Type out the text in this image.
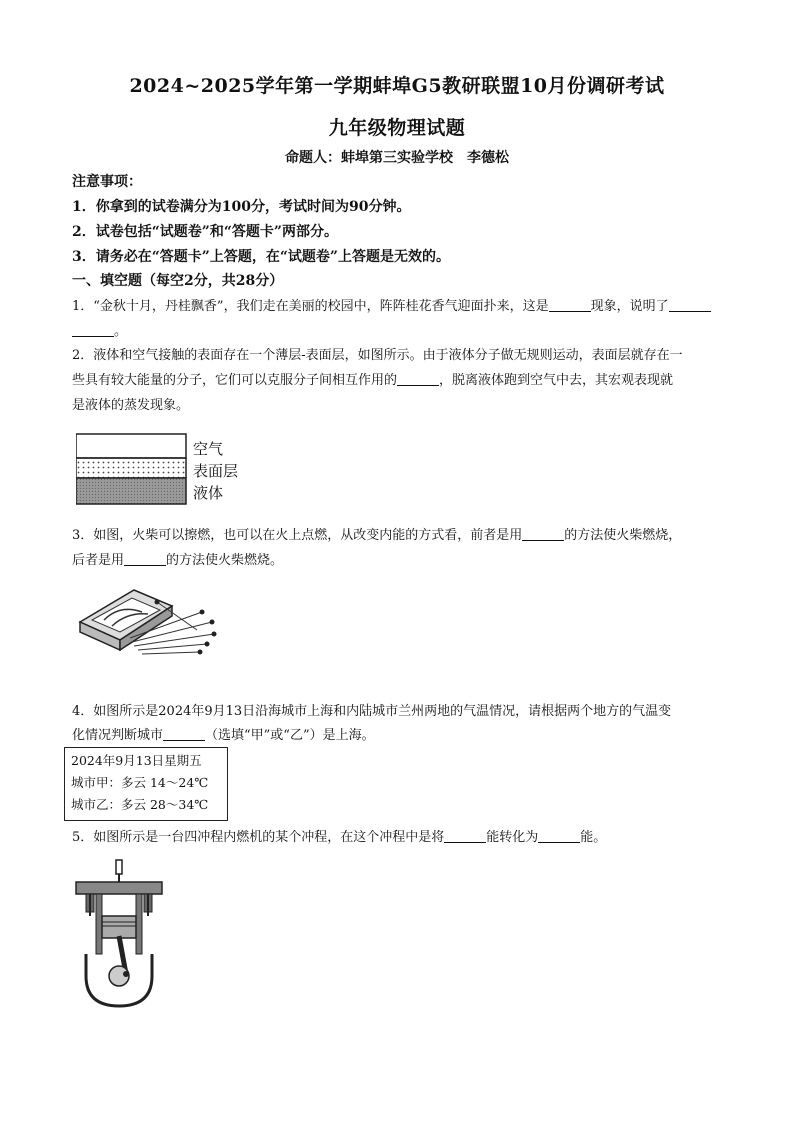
2024~2025学年第一学期蚌埠G5教研联盟10月份调研考试
九年级物理试题
命题人：蚌埠第三实验学校　李德松
注意事项：
1．你拿到的试卷满分为100分，考试时间为90分钟。
2．试卷包括“试题卷”和“答题卡”两部分。
3．请务必在“答题卡”上答题，在“试题卷”上答题是无效的。
一、填空题（每空2分，共28分）
1．“金秋十月，丹桂飘香”，我们走在美丽的校园中，阵阵桂花香气迎面扑来，这是	现象，说明了
。
2．液体和空气接触的表面存在一个薄层-表面层，如图所示。由于液体分子做无规则运动，表面层就存在一
些具有较大能量的分子，它们可以克服分子间相互作用的	，脱离液体跑到空气中去，其宏观表现就
是液体的蒸发现象。
空气
表面层
液体
3．如图，火柴可以擦燃，也可以在火上点燃，从改变内能的方式看，前者是用	的方法使火柴燃烧，
后者是用	的方法使火柴燃烧。
4．如图所示是2024年9月13日沿海城市上海和内陆城市兰州两地的气温情况，请根据两个地方的气温变
化情况判断城市	（选填“甲”或“乙”）是上海。
2024年9月13日星期五
城市甲：多云 14～24℃
城市乙：多云 28～34℃
5．如图所示是一台四冲程内燃机的某个冲程，在这个冲程中是将	能转化为	能。
